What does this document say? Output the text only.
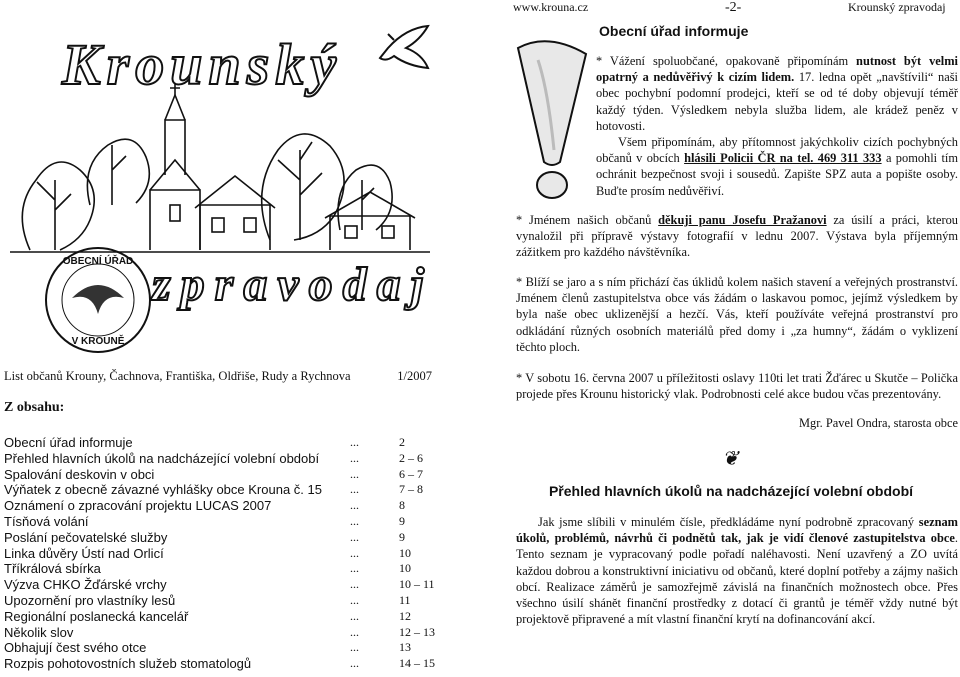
Krounský
OBECNÍ ÚŘAD
V KROUNĚ
zpravodaj
List občanů Krouny, Čachnova, Františka, Oldřiše, Rudy a Rychnova	1/2007
Z obsahu:
Obecní úřad informuje	...	2
Přehled hlavních úkolů na nadcházející volební období	...	2 – 6
Spalování deskovin v obci	...	6 – 7
Výňatek z obecně závazné vyhlášky obce Krouna č. 15 ...	7 – 8
Oznámení o zpracování projektu LUCAS 2007	...	8
Tísňová volání	...	9
Poslání pečovatelské služby	...	9
Linka důvěry Ústí nad Orlicí	...	10
Tříkrálová sbírka	...	10
Výzva CHKO Žďárské vrchy	...	10 – 11
Upozornění pro vlastníky lesů	...	11
Regionální poslanecká kancelář	...	12
Několik slov	...	12 – 13
Obhajují čest svého otce	...	13
Rozpis pohotovostních služeb stomatologů	...	14 – 15
www.krouna.cz	-2-	Krounský zpravodaj
Obecní úřad informuje
* Vážení spoluobčané, opakovaně připomínám nutnost být velmi opatrný a nedůvěřivý k cizím lidem. 17. ledna opět „navštívili“ naši obec pochybní podomní prodejci, kteří se od té doby objevují téměř každý týden. Výsledkem nebyla služba lidem, ale krádež peněz v hotovosti.
Všem připomínám, aby přítomnost jakýchkoliv cizích pochybných občanů v obcích hlásili Policii ČR na tel. 469 311 333 a pomohli tím ochránit bezpečnost svoji i sousedů. Zapište SPZ auta a popište osoby. Buďte prosím nedůvěřiví.
* Jménem našich občanů děkuji panu Josefu Pražanovi za úsilí a práci, kterou vynaložil při přípravě výstavy fotografií v lednu 2007. Výstava byla příjemným zážitkem pro každého návštěvníka.
* Blíží se jaro a s ním přichází čas úklidů kolem našich stavení a veřejných prostranství. Jménem členů zastupitelstva obce vás žádám o laskavou pomoc, jejímž výsledkem by byla naše obec uklizenější a hezčí. Vás, kteří používáte veřejná prostranství pro odkládání různých osobních materiálů před domy i „za humny“, žádám o vyklizení těchto ploch.
* V sobotu 16. června 2007 u příležitosti oslavy 110ti let trati Žďárec u Skutče – Polička projede přes Krounu historický vlak. Podrobnosti celé akce budou včas prezentovány.
Mgr. Pavel Ondra, starosta obce
❦
Přehled hlavních úkolů na nadcházející volební období
Jak jsme slíbili v minulém čísle, předkládáme nyní podrobně zpracovaný seznam úkolů, problémů, návrhů či podnětů tak, jak je vidí členové zastupitelstva obce. Tento seznam je vypracovaný podle pořadí naléhavosti. Není uzavřený a ZO uvítá každou dobrou a konstruktivní iniciativu od občanů, které doplní potřeby a zájmy našich obcí. Realizace záměrů je samozřejmě závislá na finančních možnostech obce. Přes všechno úsilí shánět finanční prostředky z dotací či grantů je téměř vždy nutné být projektově připravené a mít vlastní finanční krytí na dofinancování akcí.
